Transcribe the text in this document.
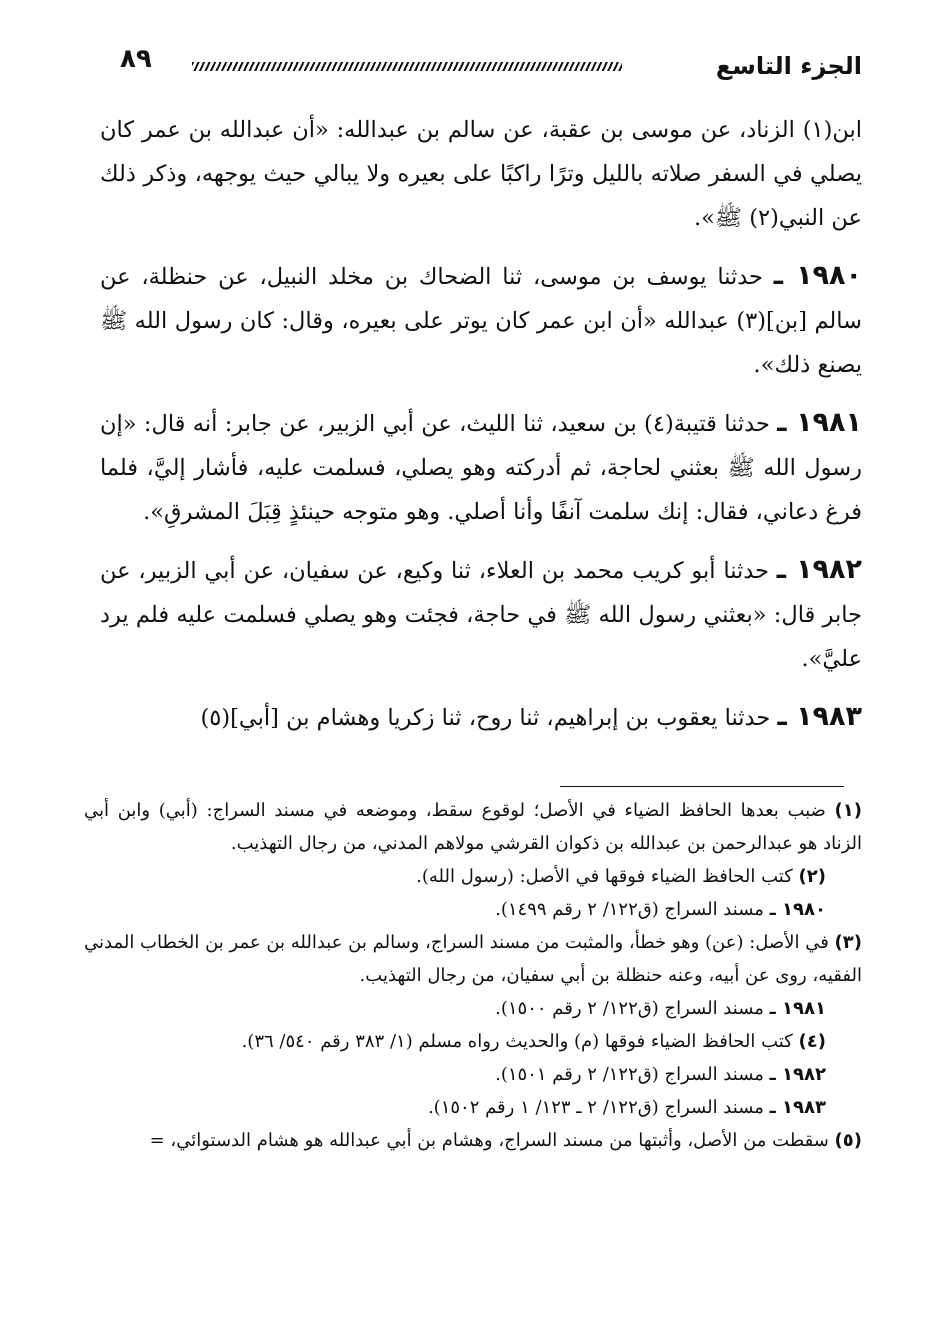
الجزء التاسع
٨٩

ابن(١) الزناد، عن موسى بن عقبة، عن سالم بن عبدالله: «أن عبدالله بن عمر كان يصلي في السفر صلاته بالليل وترًا راكبًا على بعيره ولا يبالي حيث يوجهه، وذكر ذلك عن النبي(٢) ﷺ».

١٩٨٠ ـ حدثنا يوسف بن موسى، ثنا الضحاك بن مخلد النبيل، عن حنظلة، عن سالم [بن](٣) عبدالله «أن ابن عمر كان يوتر على بعيره، وقال: كان رسول الله ﷺ يصنع ذلك».

١٩٨١ ـ حدثنا قتيبة(٤) بن سعيد، ثنا الليث، عن أبي الزبير، عن جابر: أنه قال: «إن رسول الله ﷺ بعثني لحاجة، ثم أدركته وهو يصلي، فسلمت عليه، فأشار إليَّ، فلما فرغ دعاني، فقال: إنك سلمت آنفًا وأنا أصلي. وهو متوجه حينئذٍ قِبَلَ المشرقِ».

١٩٨٢ ـ حدثنا أبو كريب محمد بن العلاء، ثنا وكيع، عن سفيان، عن أبي الزبير، عن جابر قال: «بعثني رسول الله ﷺ في حاجة، فجئت وهو يصلي فسلمت عليه فلم يرد عليَّ».

١٩٨٣ ـ حدثنا يعقوب بن إبراهيم، ثنا روح، ثنا زكريا وهشام بن [أبي](٥)

(١) ضبب بعدها الحافظ الضياء في الأصل؛ لوقوع سقط، وموضعه في مسند السراج: (أبي) وابن أبي الزناد هو عبدالرحمن بن عبدالله بن ذكوان القرشي مولاهم المدني، من رجال التهذيب.

(٢) كتب الحافظ الضياء فوقها في الأصل: (رسول الله).

١٩٨٠ ـ مسند السراج (ق١٢٢/ ٢ رقم ١٤٩٩).

(٣) في الأصل: (عن) وهو خطأ، والمثبت من مسند السراج، وسالم بن عبدالله بن عمر بن الخطاب المدني الفقيه، روى عن أبيه، وعنه حنظلة بن أبي سفيان، من رجال التهذيب.

١٩٨١ ـ مسند السراج (ق١٢٢/ ٢ رقم ١٥٠٠).

(٤) كتب الحافظ الضياء فوقها (م) والحديث رواه مسلم (١/ ٣٨٣ رقم ٥٤٠/ ٣٦).

١٩٨٢ ـ مسند السراج (ق١٢٢/ ٢ رقم ١٥٠١).

١٩٨٣ ـ مسند السراج (ق١٢٢/ ٢ ـ ١٢٣/ ١ رقم ١٥٠٢).

(٥) سقطت من الأصل، وأثبتها من مسند السراج، وهشام بن أبي عبدالله هو هشام الدستوائي، =
